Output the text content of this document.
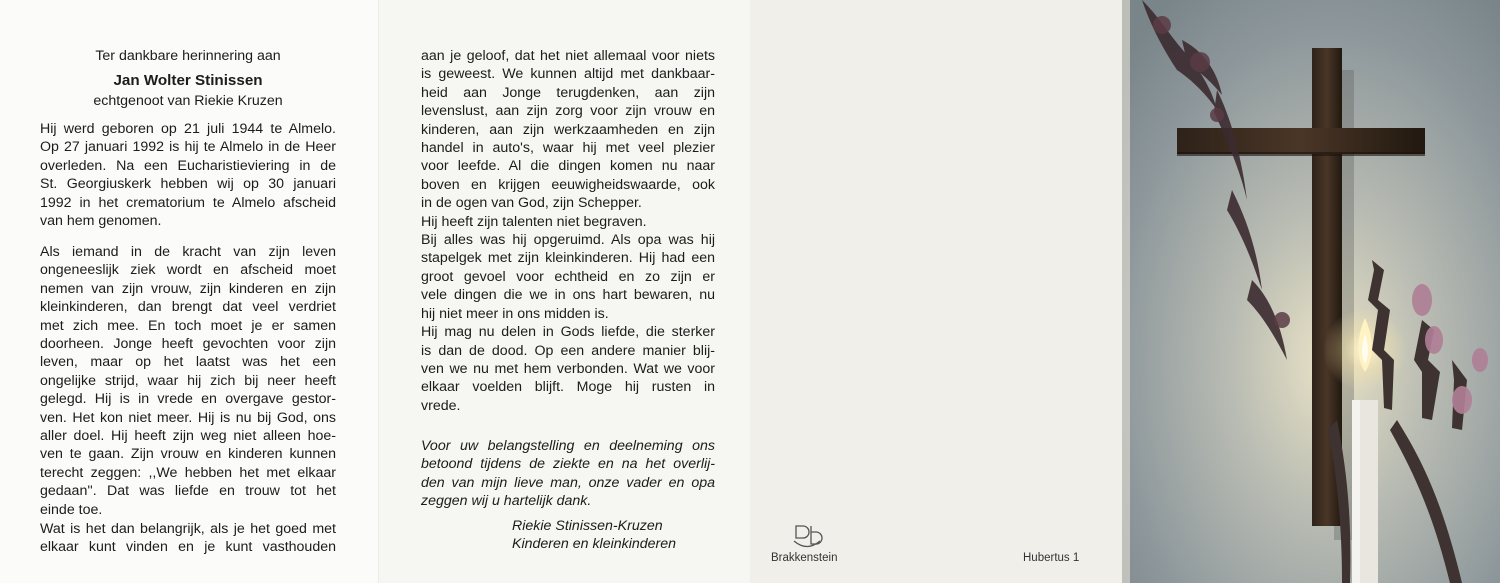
Ter dankbare herinnering aan
Jan Wolter Stinissen
echtgenoot van Riekie Kruzen
Hij werd geboren op 21 juli 1944 te Almelo.
Op 27 januari 1992 is hij te Almelo in de Heer
overleden. Na een Eucharistieviering in de
St. Georgiuskerk hebben wij op 30 januari
1992 in het crematorium te Almelo afscheid
van hem genomen.
Als iemand in de kracht van zijn leven
ongeneeslijk ziek wordt en afscheid moet
nemen van zijn vrouw, zijn kinderen en zijn
kleinkinderen, dan brengt dat veel verdriet
met zich mee. En toch moet je er samen
doorheen. Jonge heeft gevochten voor zijn
leven, maar op het laatst was het een
ongelijke strijd, waar hij zich bij neer heeft
gelegd. Hij is in vrede en overgave gestor-
ven. Het kon niet meer. Hij is nu bij God, ons
aller doel. Hij heeft zijn weg niet alleen hoe-
ven te gaan. Zijn vrouw en kinderen kunnen
terecht zeggen: ,,We hebben het met elkaar
gedaan''. Dat was liefde en trouw tot het
einde toe.
Wat is het dan belangrijk, als je het goed met
elkaar kunt vinden en je kunt vasthouden
aan je geloof, dat het niet allemaal voor niets
is geweest. We kunnen altijd met dankbaar-
heid aan Jonge terugdenken, aan zijn
levenslust, aan zijn zorg voor zijn vrouw en
kinderen, aan zijn werkzaamheden en zijn
handel in auto's, waar hij met veel plezier
voor leefde. Al die dingen komen nu naar
boven en krijgen eeuwigheidswaarde, ook
in de ogen van God, zijn Schepper.
Hij heeft zijn talenten niet begraven.
Bij alles was hij opgeruimd. Als opa was hij
stapelgek met zijn kleinkinderen. Hij had een
groot gevoel voor echtheid en zo zijn er
vele dingen die we in ons hart bewaren, nu
hij niet meer in ons midden is.
Hij mag nu delen in Gods liefde, die sterker
is dan de dood. Op een andere manier blij-
ven we nu met hem verbonden. Wat we voor
elkaar voelden blijft. Moge hij rusten in
vrede.
Voor uw belangstelling en deelneming ons
betoond tijdens de ziekte en na het overlij-
den van mijn lieve man, onze vader en opa
zeggen wij u hartelijk dank.
Riekie Stinissen-Kruzen
Kinderen en kleinkinderen
Brakkenstein	Hubertus 1
